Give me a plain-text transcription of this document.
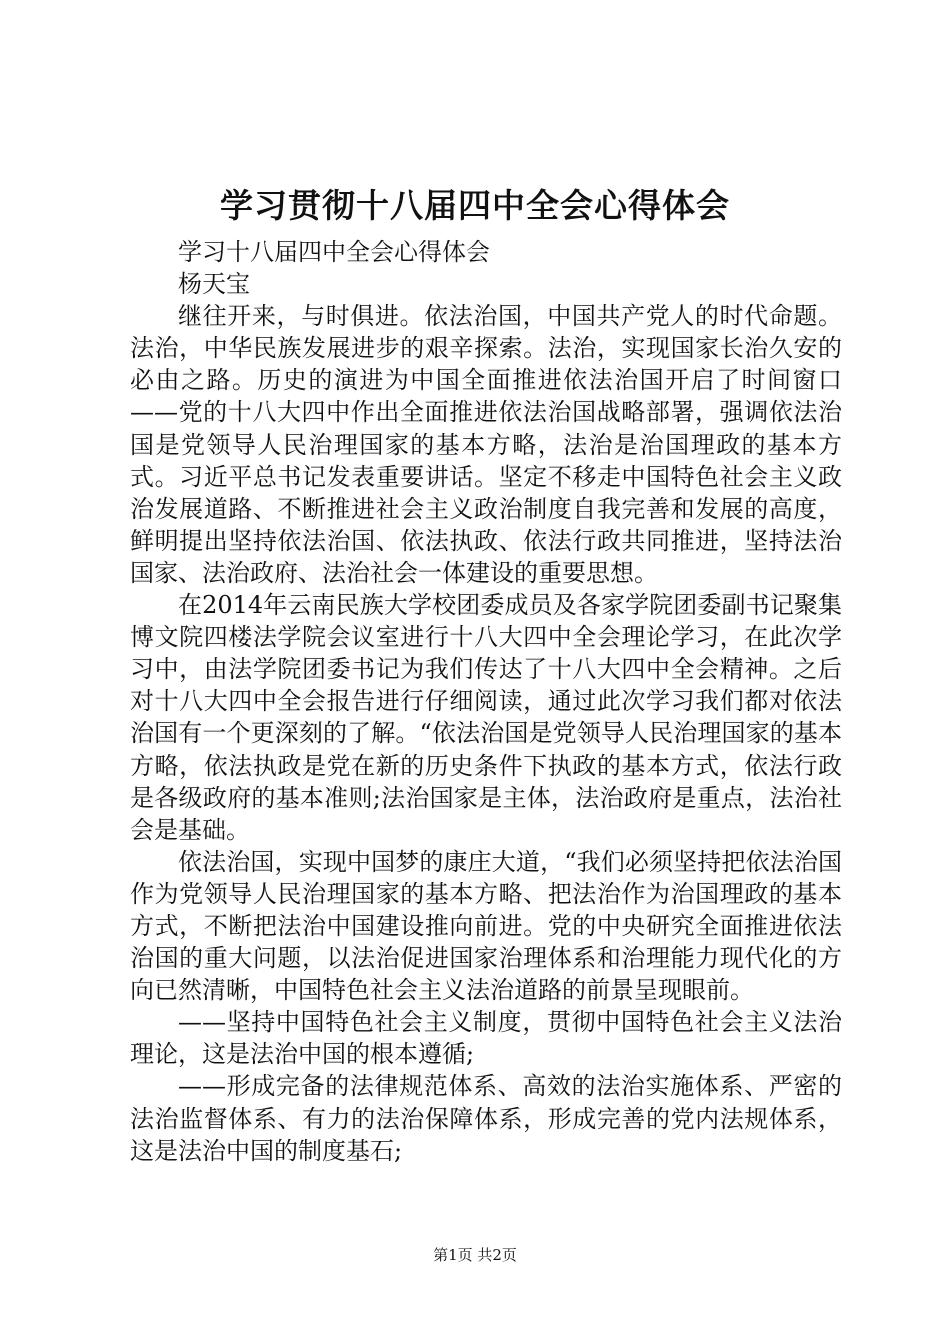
学习贯彻十八届四中全会心得体会

学习十八届四中全会心得体会

杨天宝

继往开来，与时俱进。依法治国，中国共产党人的时代命题。法治，中华民族发展进步的艰辛探索。法治，实现国家长治久安的必由之路。历史的演进为中国全面推进依法治国开启了时间窗口——党的十八大四中作出全面推进依法治国战略部署，强调依法治国是党领导人民治理国家的基本方略，法治是治国理政的基本方式。习近平总书记发表重要讲话。坚定不移走中国特色社会主义政治发展道路、不断推进社会主义政治制度自我完善和发展的高度，鲜明提出坚持依法治国、依法执政、依法行政共同推进，坚持法治国家、法治政府、法治社会一体建设的重要思想。

在2014年云南民族大学校团委成员及各家学院团委副书记聚集博文院四楼法学院会议室进行十八大四中全会理论学习，在此次学习中，由法学院团委书记为我们传达了十八大四中全会精神。之后对十八大四中全会报告进行仔细阅读，通过此次学习我们都对依法治国有一个更深刻的了解。“依法治国是党领导人民治理国家的基本方略，依法执政是党在新的历史条件下执政的基本方式，依法行政是各级政府的基本准则;法治国家是主体，法治政府是重点，法治社会是基础。

依法治国，实现中国梦的康庄大道，“我们必须坚持把依法治国作为党领导人民治理国家的基本方略、把法治作为治国理政的基本方式，不断把法治中国建设推向前进。党的中央研究全面推进依法治国的重大问题，以法治促进国家治理体系和治理能力现代化的方向已然清晰，中国特色社会主义法治道路的前景呈现眼前。

——坚持中国特色社会主义制度，贯彻中国特色社会主义法治理论，这是法治中国的根本遵循;

——形成完备的法律规范体系、高效的法治实施体系、严密的法治监督体系、有力的法治保障体系，形成完善的党内法规体系，这是法治中国的制度基石;

第1页 共2页
